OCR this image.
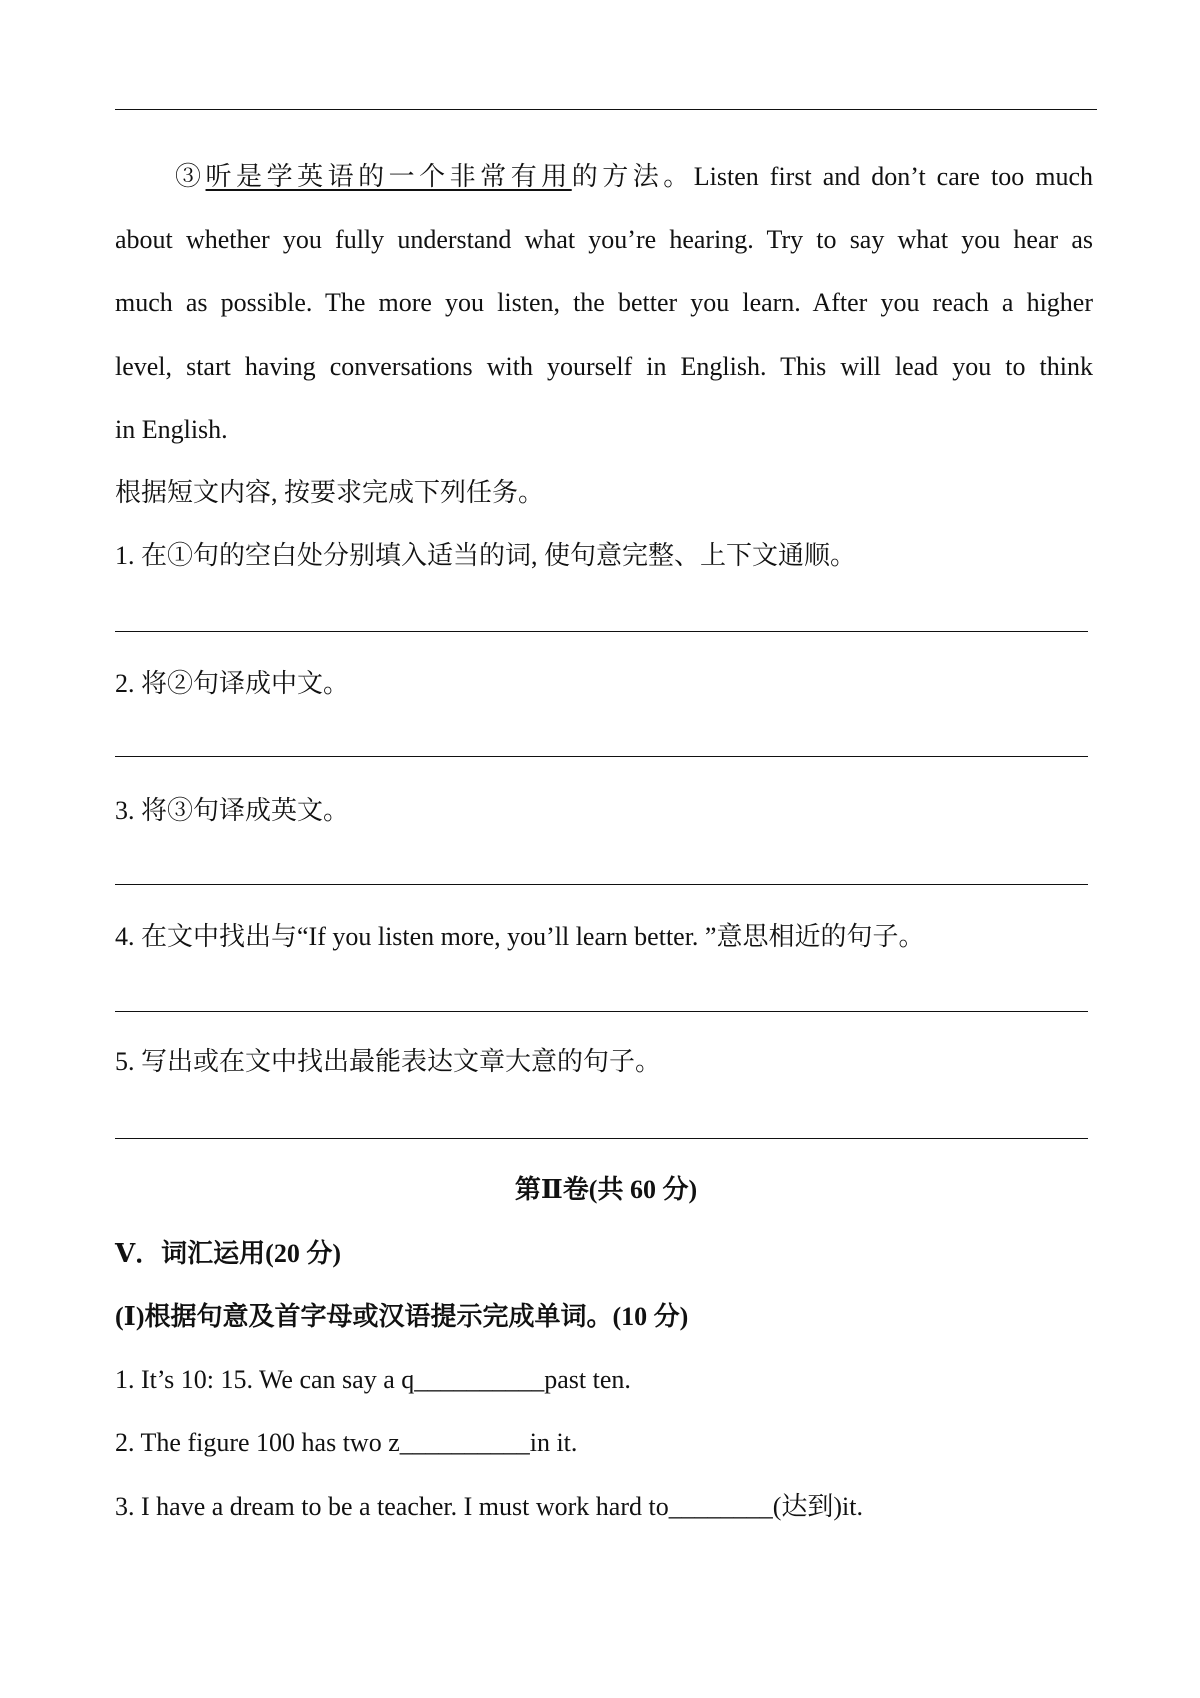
③听是学英语的一个非常有用的方法。Listen first and don’t care too much
about whether you fully understand what you’re hearing. Try to say what you hear as
much as possible. The more you listen, the better you learn. After you reach a higher
level, start having conversations with yourself in English. This will lead you to think
in English.
根据短文内容, 按要求完成下列任务。
1. 在①句的空白处分别填入适当的词, 使句意完整、上下文通顺。
2. 将②句译成中文。
3. 将③句译成英文。
4. 在文中找出与“If you listen more, you’ll learn better. ”意思相近的句子。
5. 写出或在文中找出最能表达文章大意的句子。
第Ⅱ卷(共 60 分)
Ⅴ．词汇运用(20 分)
(Ⅰ)根据句意及首字母或汉语提示完成单词。(10 分)
1. It’s 10: 15. We can say a q__________past ten.
2. The figure 100 has two z__________in it.
3. I have a dream to be a teacher. I must work hard to________(达到)it.
